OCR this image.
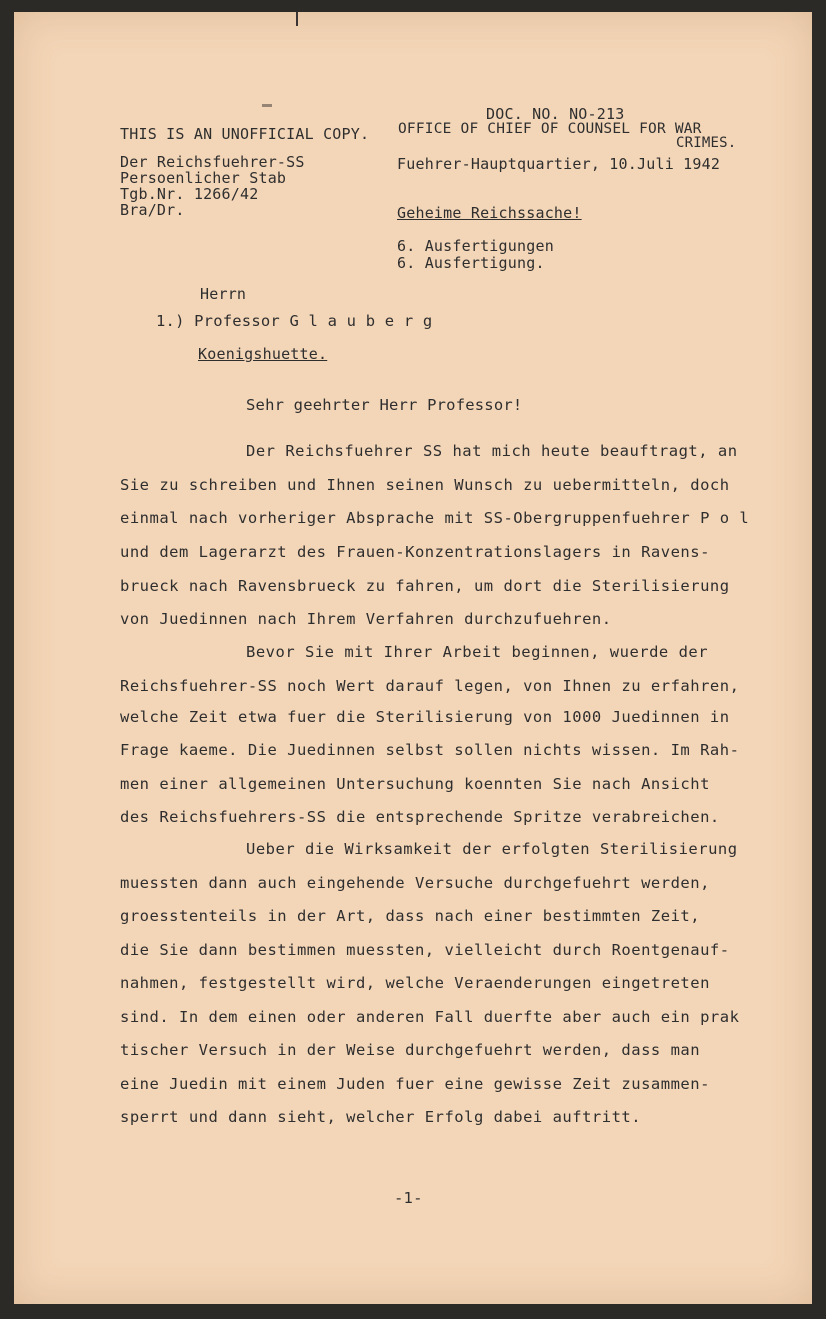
DOC. NO. NO-213
THIS IS AN UNOFFICIAL COPY. OFFICE OF CHIEF OF COUNSEL FOR WAR
CRIMES.
Der Reichsfuehrer-SS
Persoenlicher Stab
Tgb.Nr. 1266/42
Bra/Dr.
Fuehrer-Hauptquartier, 10.Juli 1942
Geheime Reichssache!
6. Ausfertigungen
6. Ausfertigung.
Herrn
1.) Professor G l a u b e r g
Koenigshuette.
Sehr geehrter Herr Professor!
Der Reichsfuehrer SS hat mich heute beauftragt, an
Sie zu schreiben und Ihnen seinen Wunsch zu uebermitteln, doch
einmal nach vorheriger Absprache mit SS-Obergruppenfuehrer P o l
und dem Lagerarzt des Frauen-Konzentrationslagers in Ravens-
brueck nach Ravensbrueck zu fahren, um dort die Sterilisierung
von Juedinnen nach Ihrem Verfahren durchzufuehren.
Bevor Sie mit Ihrer Arbeit beginnen, wuerde der
Reichsfuehrer-SS noch Wert darauf legen, von Ihnen zu erfahren,
welche Zeit etwa fuer die Sterilisierung von 1000 Juedinnen in
Frage kaeme. Die Juedinnen selbst sollen nichts wissen. Im Rah-
men einer allgemeinen Untersuchung koennten Sie nach Ansicht
des Reichsfuehrers-SS die entsprechende Spritze verabreichen.
Ueber die Wirksamkeit der erfolgten Sterilisierung
muessten dann auch eingehende Versuche durchgefuehrt werden,
groesstenteils in der Art, dass nach einer bestimmten Zeit,
die Sie dann bestimmen muessten, vielleicht durch Roentgenauf-
nahmen, festgestellt wird, welche Veraenderungen eingetreten
sind. In dem einen oder anderen Fall duerfte aber auch ein prak
tischer Versuch in der Weise durchgefuehrt werden, dass man
eine Juedin mit einem Juden fuer eine gewisse Zeit zusammen-
sperrt und dann sieht, welcher Erfolg dabei auftritt.
-1-
